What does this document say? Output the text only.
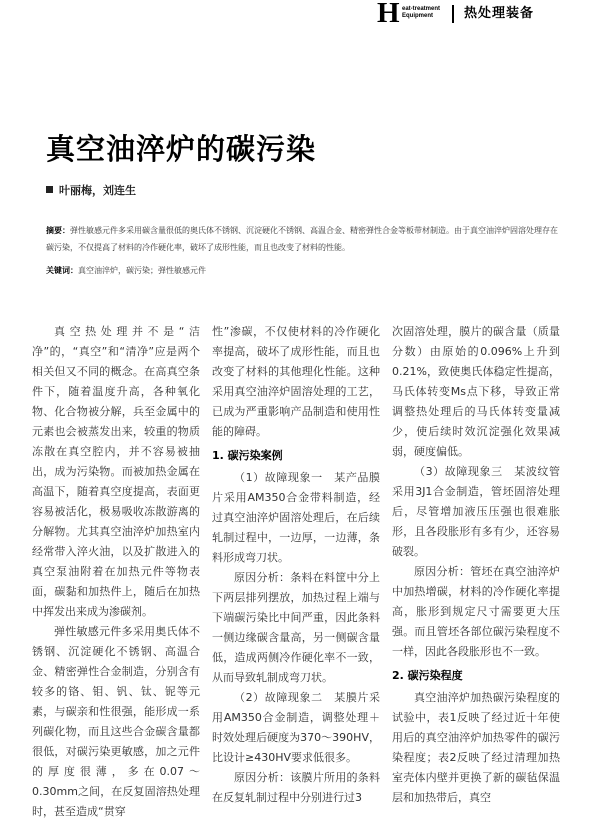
H eat-treatment
Equipment	热处理装备
真空油淬炉的碳污染
叶丽梅，刘连生
摘要：弹性敏感元件多采用碳含量很低的奥氏体不锈钢、沉淀硬化不锈钢、高温合金、精密弹性合金等板带材制造。由于真空油淬炉固溶处理存在碳污染，不仅提高了材料的冷作硬化率，破坏了成形性能，而且也改变了材料的性能。
关键词：真空油淬炉，碳污染；弹性敏感元件

真空热处理并不是“洁净”的，“真空”和“清净”应是两个相关但又不同的概念。在高真空条件下，随着温度升高，各种氧化物、化合物被分解，兵至金属中的元素也会被蒸发出来，较重的物质冻散在真空腔内，并不容易被抽出，成为污染物。而被加热金属在高温下，随着真空度提高，表面更容易被活化，极易吸收冻散游离的分解物。尤其真空油淬炉加热室内经常带入淬火油，以及扩散进入的真空泵油附着在加热元件等物表面，碳黏和加热件上，随后在加热中挥发出来成为渗碳剂。

弹性敏感元件多采用奥氏体不锈钢、沉淀硬化不锈钢、高温合金、精密弹性合金制造，分别含有较多的铬、钼、钒、钛、铌等元素，与碳亲和性很强，能形成一系列碳化物，而且这些合金碳含量都很低，对碳污染更敏感，加之元件的厚度很薄，多在0.07～0.30mm之间，在反复固溶热处理时，甚至造成“贯穿

性”渗碳，不仅使材料的冷作硬化率提高，破坏了成形性能，而且也改变了材料的其他理化性能。这种采用真空油淬炉固溶处理的工艺，已成为严重影响产品制造和使用性能的障碍。

1. 碳污染案例

（1）故障现象一　某产品膜片采用AM350合金带料制造，经过真空油淬炉固溶处理后，在后续轧制过程中，一边厚，一边薄，条料形成弯刀状。

原因分析：条料在料筐中分上下两层排列摆放，加热过程上端与下端碳污染比中间严重，因此条料一侧边缘碳含量高，另一侧碳含量低，造成两侧冷作硬化率不一致，从而导致轧制成弯刀状。

（2）故障现象二　某膜片采用AM350合金制造，调整处理＋时效处理后硬度为370～390HV，比设计≥430HV要求低很多。

原因分析：该膜片所用的条料在反复轧制过程中分别进行过3

次固溶处理，膜片的碳含量（质量分数）由原始的0.096%上升到0.21%，致使奥氏体稳定性提高，马氏体转变Ms点下移，导致正常调整热处理后的马氏体转变量减少，使后续时效沉淀强化效果减弱，硬度偏低。

（3）故障现象三　某波纹管采用3J1合金制造，管坯固溶处理后，尽管增加液压压强也很难胀形，且各段胀形有多有少，还容易破裂。

原因分析：管坯在真空油淬炉中加热增碳，材料的冷作硬化率提高，胀形到规定尺寸需要更大压强。而且管坯各部位碳污染程度不一样，因此各段胀形也不一致。

2. 碳污染程度

真空油淬炉加热碳污染程度的试验中，表1反映了经过近十年使用后的真空油淬炉加热零件的碳污染程度；表2反映了经过清理加热室壳体内壁并更换了新的碳毡保温层和加热带后，真空
